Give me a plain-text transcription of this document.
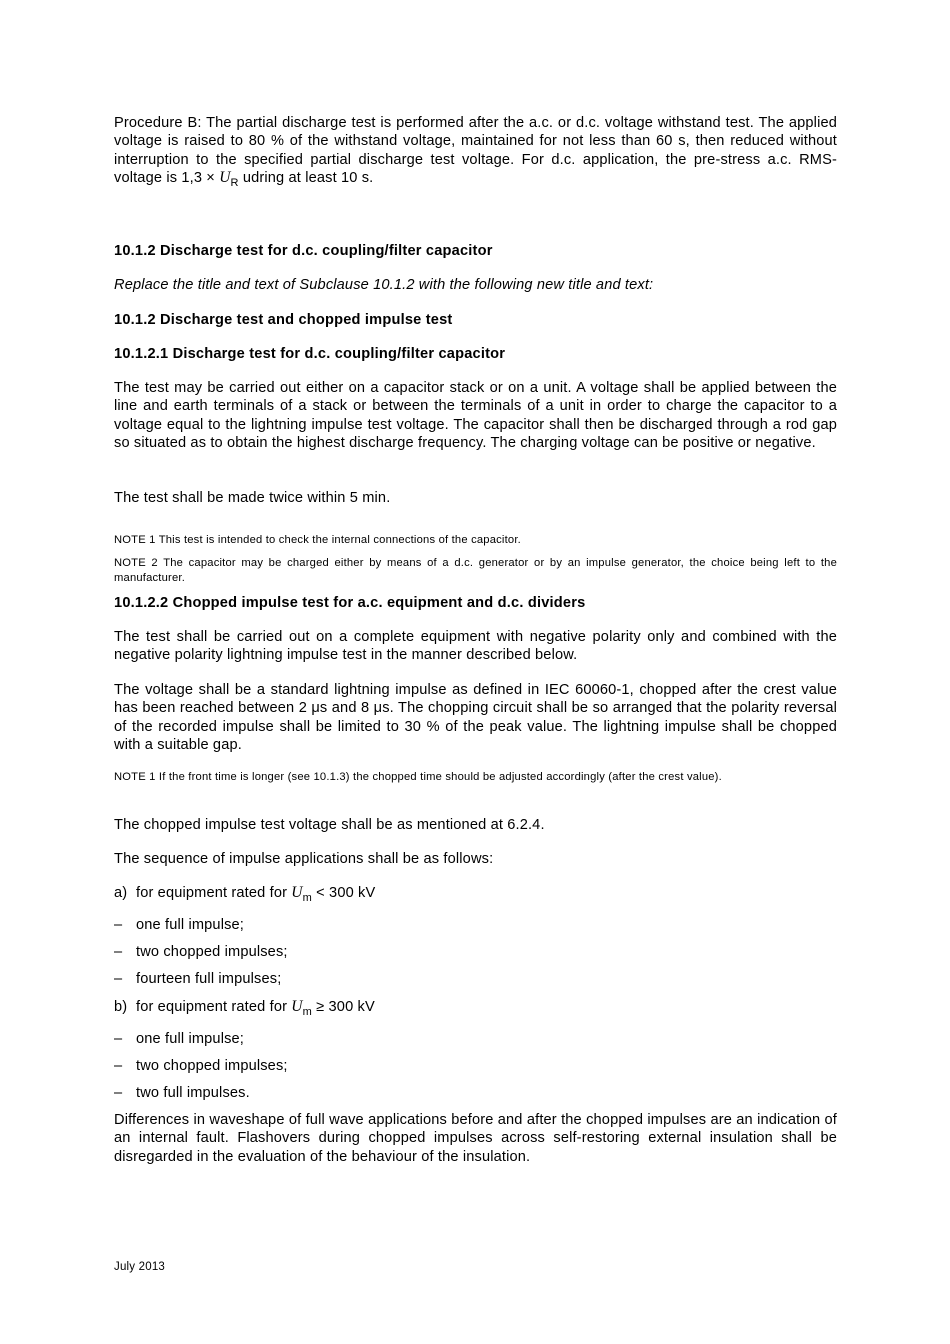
Procedure B: The partial discharge test is performed after the a.c. or d.c. voltage withstand test. The applied voltage is raised to 80 % of the withstand voltage, maintained for not less than 60 s, then reduced without interruption to the specified partial discharge test voltage. For d.c. application, the pre-stress a.c. RMS-voltage is $1,3 \times U_R$ udring at least 10 s.

10.1.2 Discharge test for d.c. coupling/filter capacitor

Replace the title and text of Subclause 10.1.2 with the following new title and text:

10.1.2 Discharge test and chopped impulse test

10.1.2.1 Discharge test for d.c. coupling/filter capacitor

The test may be carried out either on a capacitor stack or on a unit. A voltage shall be applied between the line and earth terminals of a stack or between the terminals of a unit in order to charge the capacitor to a voltage equal to the lightning impulse test voltage. The capacitor shall then be discharged through a rod gap so situated as to obtain the highest discharge frequency. The charging voltage can be positive or negative.

The test shall be made twice within 5 min.

NOTE 1 This test is intended to check the internal connections of the capacitor.

NOTE 2 The capacitor may be charged either by means of a d.c. generator or by an impulse generator, the choice being left to the manufacturer.

10.1.2.2 Chopped impulse test for a.c. equipment and d.c. dividers

The test shall be carried out on a complete equipment with negative polarity only and combined with the negative polarity lightning impulse test in the manner described below.

The voltage shall be a standard lightning impulse as defined in IEC 60060-1, chopped after the crest value has been reached between 2 μs and 8 μs. The chopping circuit shall be so arranged that the polarity reversal of the recorded impulse shall be limited to 30 % of the peak value. The lightning impulse shall be chopped with a suitable gap.

NOTE 1 If the front time is longer (see 10.1.3) the chopped time should be adjusted accordingly (after the crest value).

The chopped impulse test voltage shall be as mentioned at 6.2.4.

The sequence of impulse applications shall be as follows:

a) for equipment rated for $U_m < 300$ kV
– one full impulse;
– two chopped impulses;
– fourteen full impulses;
b) for equipment rated for $U_m \ge 300$ kV
– one full impulse;
– two chopped impulses;
– two full impulses.

Differences in waveshape of full wave applications before and after the chopped impulses are an indication of an internal fault. Flashovers during chopped impulses across self-restoring external insulation shall be disregarded in the evaluation of the behaviour of the insulation.

July 2013
